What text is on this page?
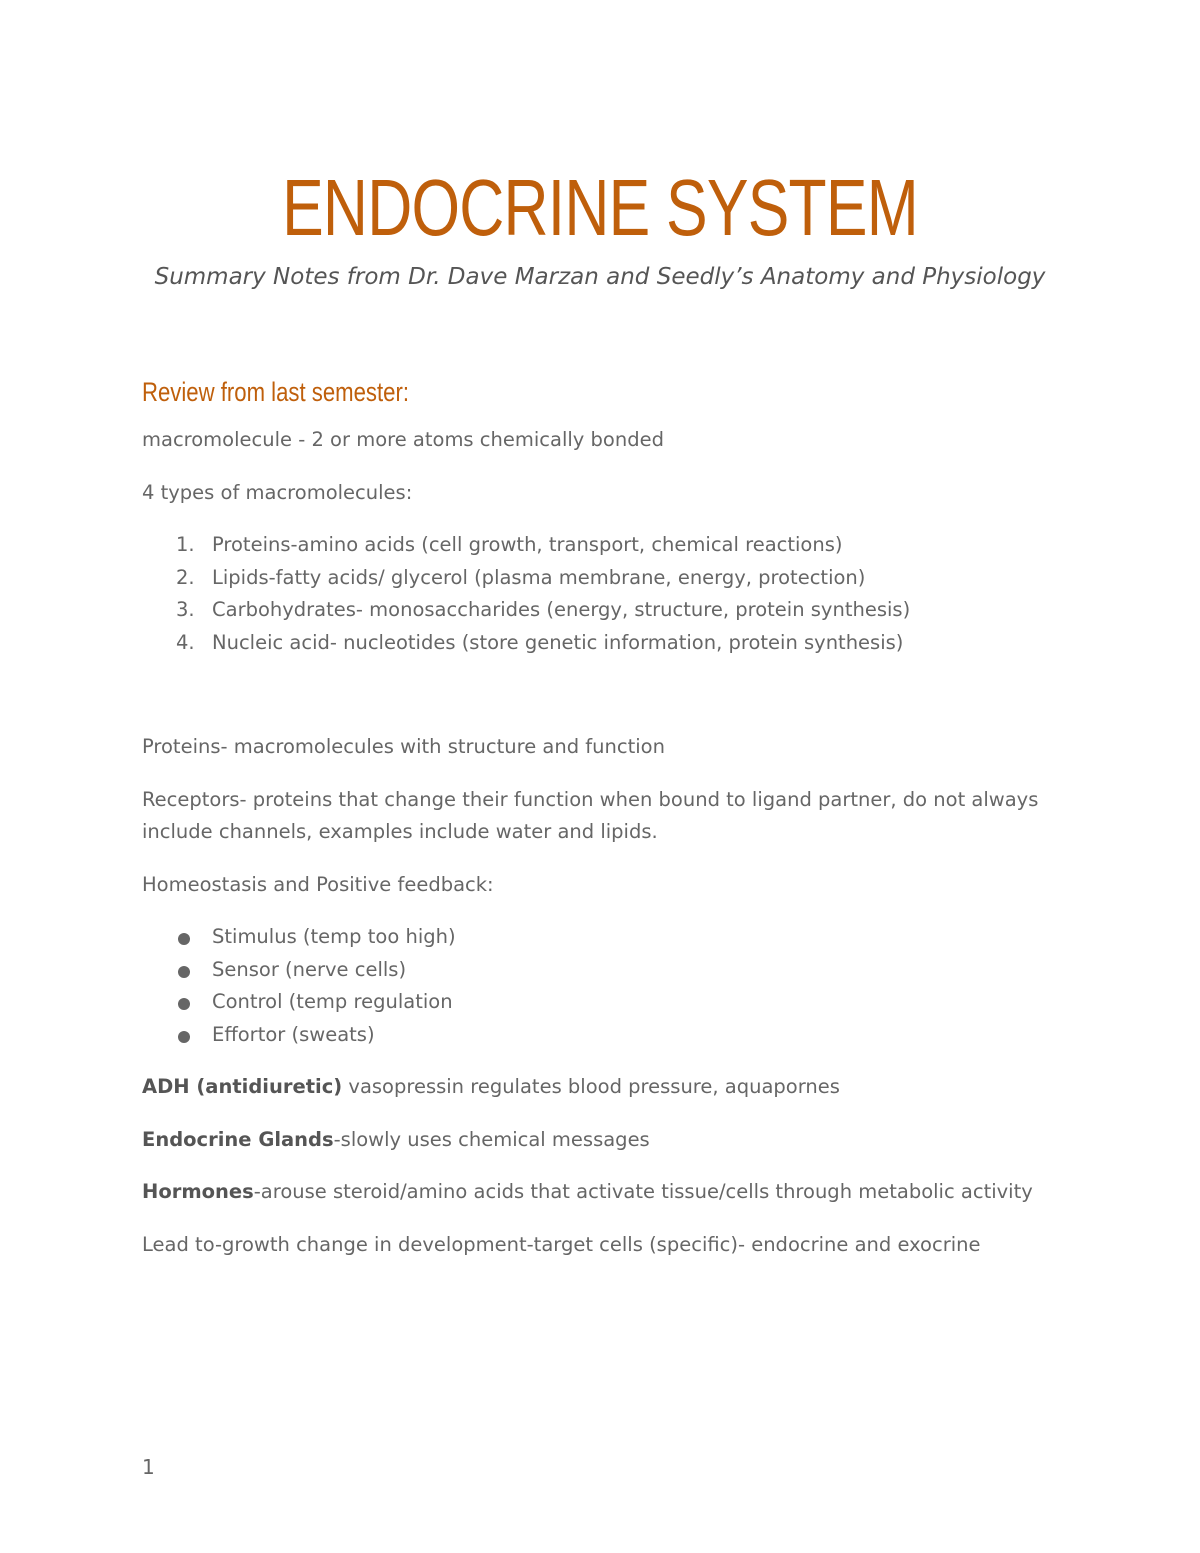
ENDOCRINE SYSTEM

Summary Notes from Dr. Dave Marzan and Seedly’s Anatomy and Physiology

Review from last semester:

macromolecule - 2 or more atoms chemically bonded

4 types of macromolecules:

1. Proteins-amino acids (cell growth, transport, chemical reactions)
2. Lipids-fatty acids/ glycerol (plasma membrane, energy, protection)
3. Carbohydrates- monosaccharides (energy, structure, protein synthesis)
4. Nucleic acid- nucleotides (store genetic information, protein synthesis)

Proteins- macromolecules with structure and function

Receptors- proteins that change their function when bound to ligand partner, do not always include channels, examples include water and lipids.

Homeostasis and Positive feedback:

Stimulus (temp too high)
Sensor (nerve cells)
Control (temp regulation
Effortor (sweats)

ADH (antidiuretic) vasopressin regulates blood pressure, aquapornes

Endocrine Glands-slowly uses chemical messages

Hormones-arouse steroid/amino acids that activate tissue/cells through metabolic activity

Lead to-growth change in development-target cells (specific)- endocrine and exocrine

1
